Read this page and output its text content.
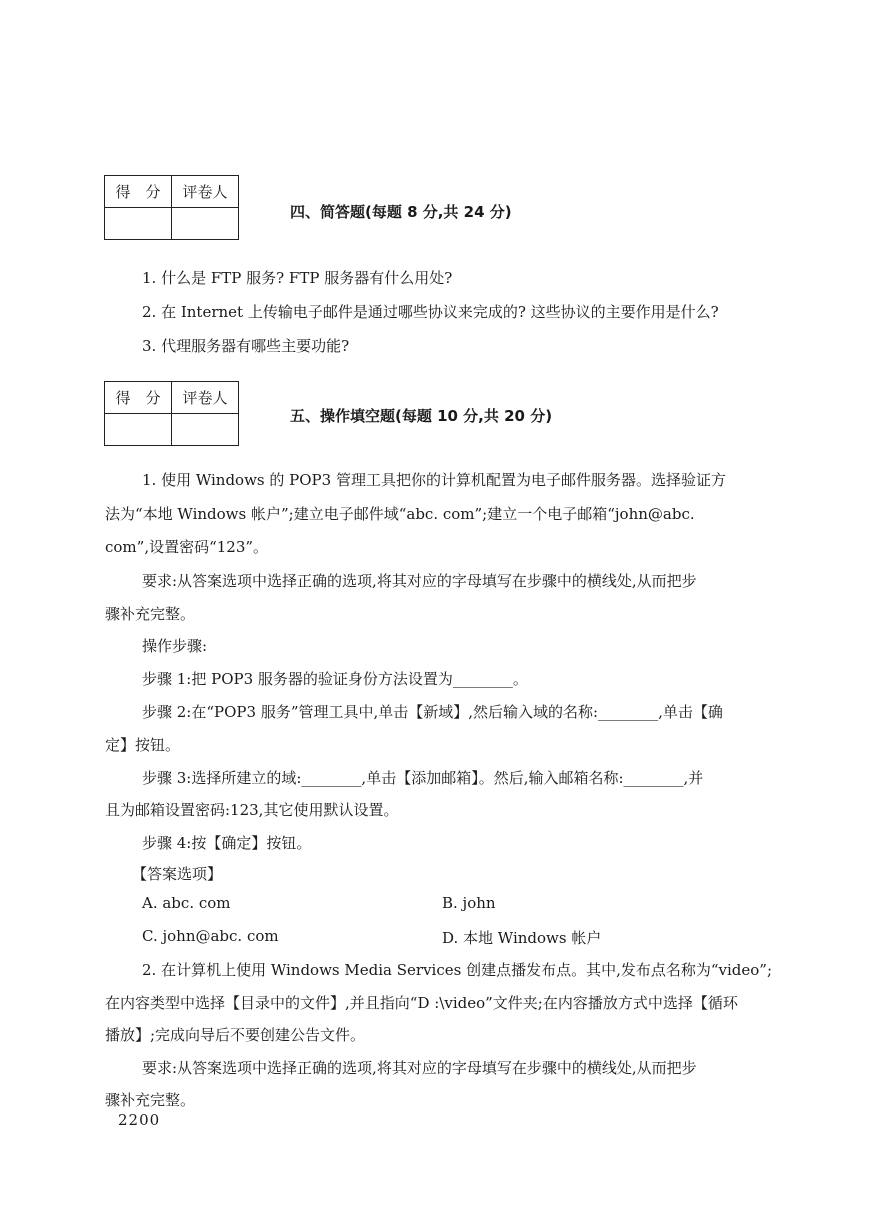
得　分	评卷人

四、简答题(每题 8 分,共 24 分)
1. 什么是 FTP 服务? FTP 服务器有什么用处?
2. 在 Internet 上传输电子邮件是通过哪些协议来完成的? 这些协议的主要作用是什么?
3. 代理服务器有哪些主要功能?
得　分	评卷人

五、操作填空题(每题 10 分,共 20 分)
1. 使用 Windows 的 POP3 管理工具把你的计算机配置为电子邮件服务器。选择验证方
法为“本地 Windows 帐户”;建立电子邮件域“abc. com”;建立一个电子邮箱“john@abc.
com”,设置密码“123”。
要求:从答案选项中选择正确的选项,将其对应的字母填写在步骤中的横线处,从而把步
骤补充完整。
操作步骤:
步骤 1:把 POP3 服务器的验证身份方法设置为________。
步骤 2:在“POP3 服务”管理工具中,单击【新域】,然后输入域的名称:________,单击【确
定】按钮。
步骤 3:选择所建立的域:________,单击【添加邮箱】。然后,输入邮箱名称:________,并
且为邮箱设置密码:123,其它使用默认设置。
步骤 4:按【确定】按钮。
【答案选项】
A. abc. com	B. john
C. john@abc. com	D. 本地 Windows 帐户
2. 在计算机上使用 Windows Media Services 创建点播发布点。其中,发布点名称为“video”;
在内容类型中选择【目录中的文件】,并且指向“D :\video”文件夹;在内容播放方式中选择【循环
播放】;完成向导后不要创建公告文件。
要求:从答案选项中选择正确的选项,将其对应的字母填写在步骤中的横线处,从而把步
骤补充完整。
2200
